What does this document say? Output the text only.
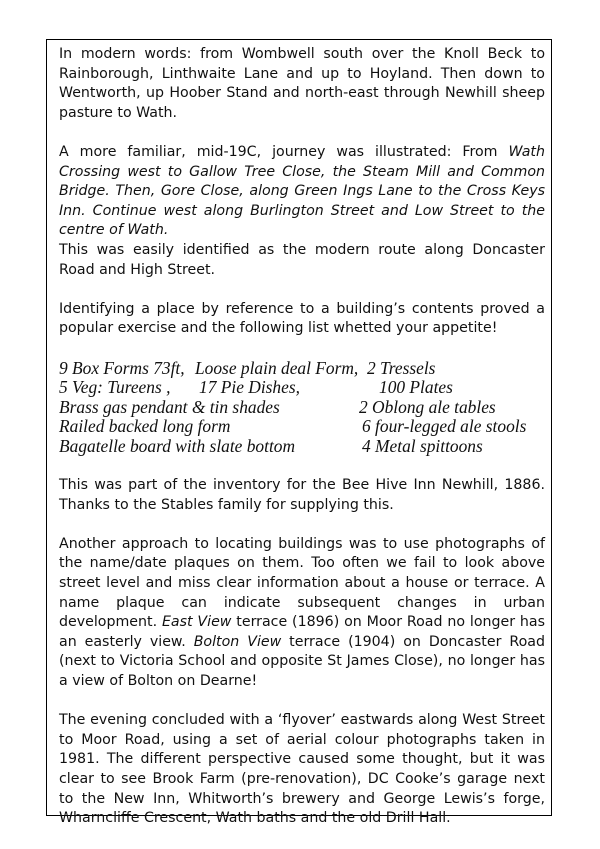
In modern words: from Wombwell south over the Knoll Beck to Rainborough, Linthwaite Lane and up to Hoyland. Then down to Wentworth, up Hoober Stand and north-east through Newhill sheep pasture to Wath.

A more familiar, mid-19C, journey was illustrated: From Wath Crossing west to Gallow Tree Close, the Steam Mill and Common Bridge. Then, Gore Close, along Green Ings Lane to the Cross Keys Inn. Continue west along Burlington Street and Low Street to the centre of Wath.

This was easily identified as the modern route along Doncaster Road and High Street.

Identifying a place by reference to a building’s contents proved a popular exercise and the following list whetted your appetite!

9 Box Forms 73ft, Loose plain deal Form, 2 Tressels
5 Veg: Tureens , 17 Pie Dishes,	100 Plates
Brass gas pendant & tin shades	2 Oblong ale tables
Railed backed long form	6 four-legged ale stools
Bagatelle board with slate bottom	4 Metal spittoons

This was part of the inventory for the Bee Hive Inn Newhill, 1886. Thanks to the Stables family for supplying this.

Another approach to locating buildings was to use photographs of the name/date plaques on them. Too often we fail to look above street level and miss clear information about a house or terrace. A name plaque can indicate subsequent changes in urban development. East View terrace (1896) on Moor Road no longer has an easterly view. Bolton View terrace (1904) on Doncaster Road (next to Victoria School and opposite St James Close), no longer has a view of Bolton on Dearne!

The evening concluded with a ‘flyover’ eastwards along West Street to Moor Road, using a set of aerial colour photographs taken in 1981. The different perspective caused some thought, but it was clear to see Brook Farm (pre-renovation), DC Cooke’s garage next to the New Inn, Whitworth’s brewery and George Lewis’s forge, Wharncliffe Crescent, Wath baths and the old Drill Hall.
